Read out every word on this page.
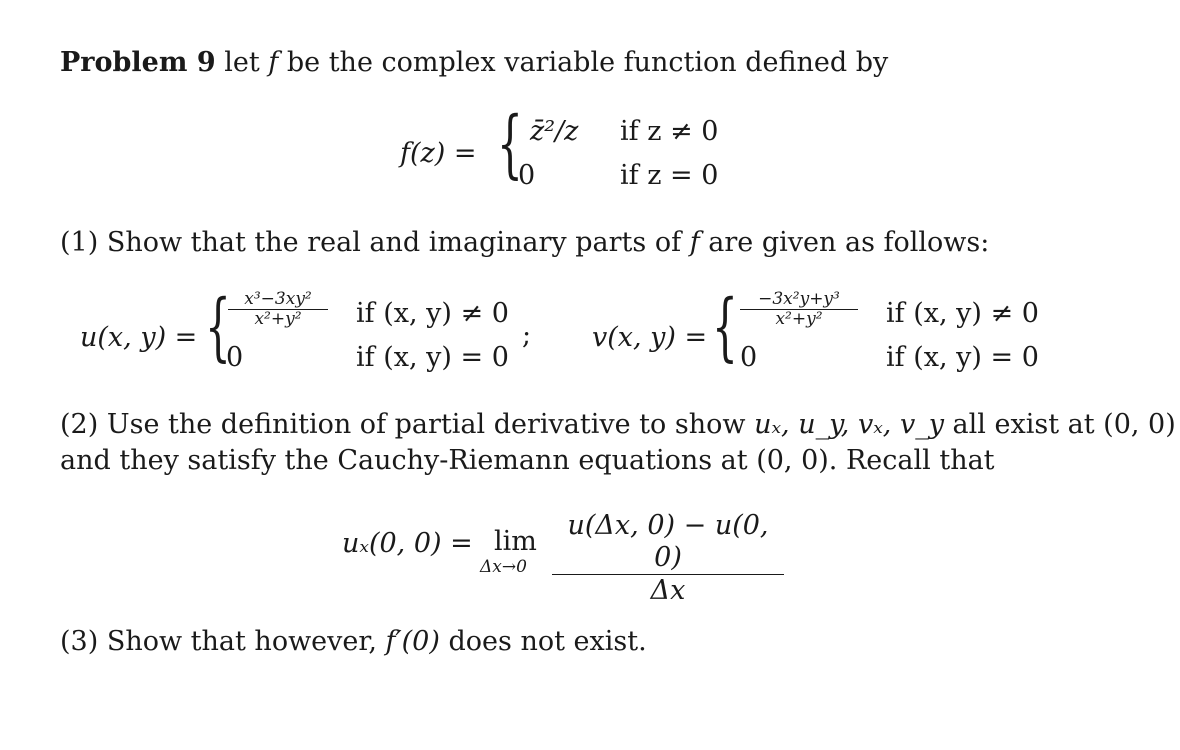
Problem 9 let f be the complex variable function defined by
f(z) = { z̄²/z if z ≠ 0
0	if z = 0
(1) Show that the real and imaginary parts of f are given as follows:
u(x, y) = {
$\frac{\text{x³−3xy²}}{\text{x²+y²}}$ if (x, y) ≠ 0
0	if (x, y) = 0
; v(x, y) = { $\frac{\text{−3x²y+y³}}{\text{x²+y²}}$ if (x, y) ≠ 0
0	if (x, y) = 0
(2) Use the definition of partial derivative to show uₓ, u_y, vₓ, v_y all exist at (0, 0)
and they satisfy the Cauchy-Riemann equations at (0, 0). Recall that
uₓ(0, 0) = lim
$\Delta x\to 0 \frac{u(\Delta x, 0) - u(0, 0)}{\Delta x}$
(3) Show that however, f′(0) does not exist.
